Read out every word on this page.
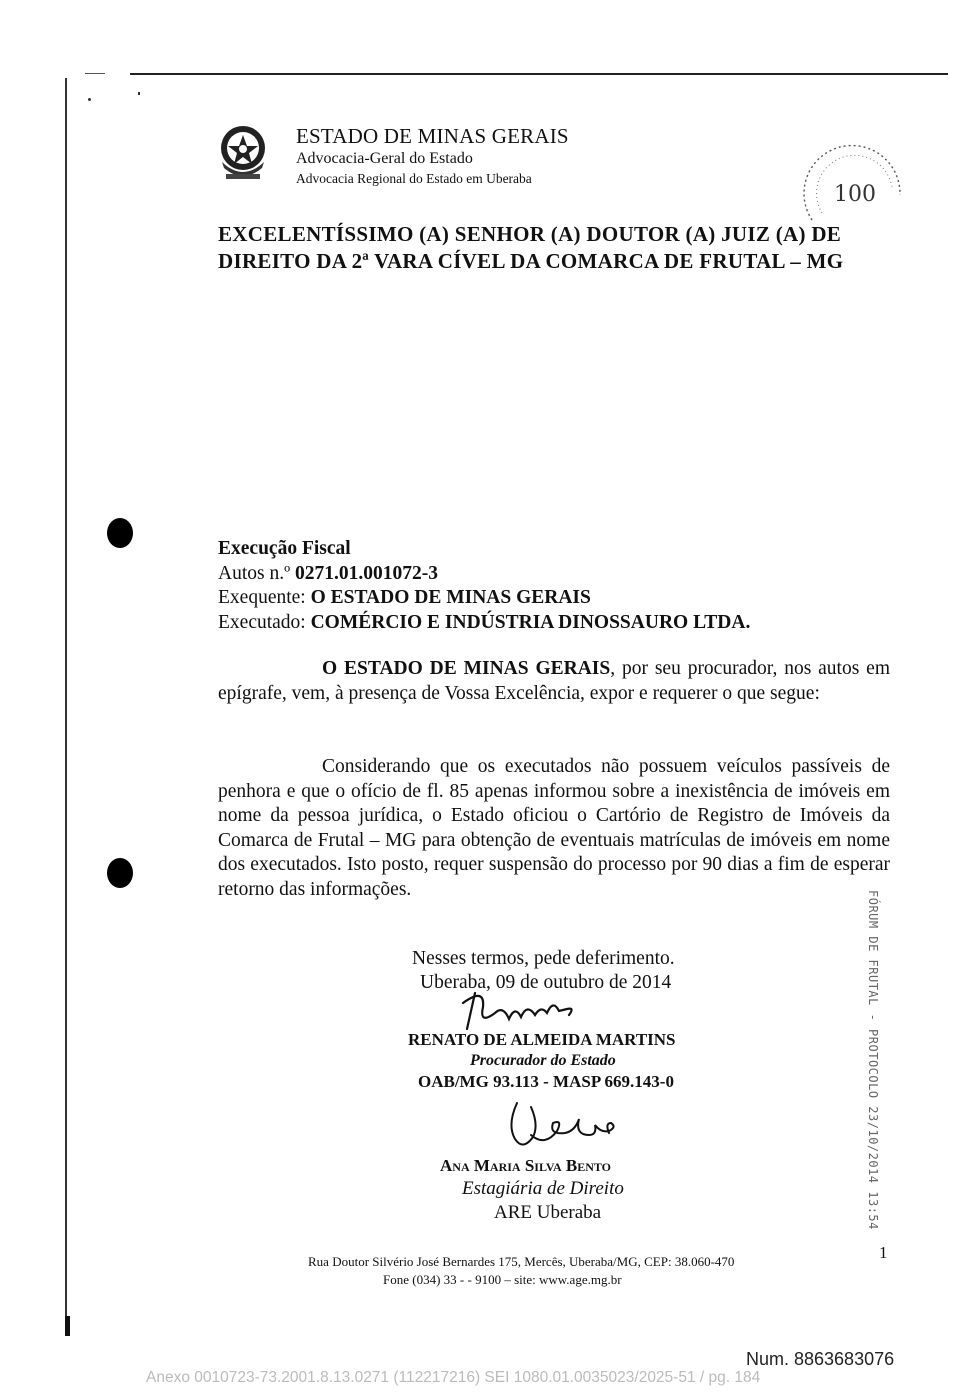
ESTADO DE MINAS GERAIS
Advocacia-Geral do Estado
Advocacia Regional do Estado em Uberaba
100
EXCELENTÍSSIMO (A) SENHOR (A) DOUTOR (A) JUIZ (A) DE
DIREITO DA 2ª VARA CÍVEL DA COMARCA DE FRUTAL – MG
Execução Fiscal
Autos n.º 0271.01.001072-3
Exequente: O ESTADO DE MINAS GERAIS
Executado: COMÉRCIO E INDÚSTRIA DINOSSAURO LTDA.
O ESTADO DE MINAS GERAIS, por seu procurador, nos autos em epígrafe, vem, à presença de Vossa Excelência, expor e requerer o que segue:
Considerando que os executados não possuem veículos passíveis de penhora e que o ofício de fl. 85 apenas informou sobre a inexistência de imóveis em nome da pessoa jurídica, o Estado oficiou o Cartório de Registro de Imóveis da Comarca de Frutal – MG para obtenção de eventuais matrículas de imóveis em nome dos executados. Isto posto, requer suspensão do processo por 90 dias a fim de esperar retorno das informações.
Nesses termos, pede deferimento.
Uberaba, 09 de outubro de 2014
RENATO DE ALMEIDA MARTINS
Procurador do Estado
OAB/MG 93.113 - MASP 669.143-0
Ana Maria Silva Bento
Estagiária de Direito
ARE Uberaba
Rua Doutor Silvério José Bernardes 175, Mercês, Uberaba/MG, CEP: 38.060-470
Fone (034) 33 - - 9100 – site: www.age.mg.br
1
FÓRUM DE FRUTAL - PROTOCOLO 23/10/2014 13:54
Num. 8863683076
Anexo 0010723-73.2001.8.13.0271 (112217216) SEI 1080.01.0035023/2025-51 / pg. 184
